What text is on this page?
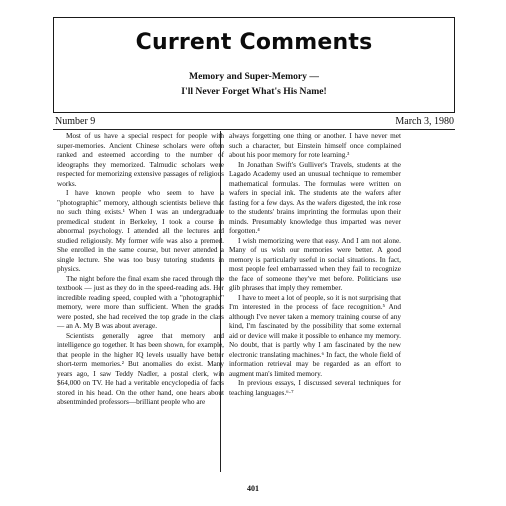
Current Comments
Memory and Super-Memory —
I'll Never Forget What's His Name!
Number 9	March 3, 1980

Most of us have a special respect for people with super-memories. Ancient Chinese scholars were often ranked and esteemed according to the number of ideographs they memorized. Talmudic scholars were respected for memorizing extensive passages of religious works.

I have known people who seem to have a "photographic" memory, although scientists believe that no such thing exists.¹ When I was an undergraduate premedical student in Berkeley, I took a course in abnormal psychology. I attended all the lectures and studied religiously. My former wife was also a premed. She enrolled in the same course, but never attended a single lecture. She was too busy tutoring students in physics.

The night before the final exam she raced through the textbook — just as they do in the speed-reading ads. Her incredible reading speed, coupled with a "photographic" memory, were more than sufficient. When the grades were posted, she had received the top grade in the class — an A. My B was about average.

Scientists generally agree that memory and intelligence go together. It has been shown, for example, that people in the higher IQ levels usually have better short-term memories.² But anomalies do exist. Many years ago, I saw Teddy Nadler, a postal clerk, win $64,000 on TV. He had a veritable encyclopedia of facts stored in his head. On the other hand, one hears about absentminded professors—brilliant people who are

always forgetting one thing or another. I have never met such a character, but Einstein himself once complained about his poor memory for rote learning.³

In Jonathan Swift's Gulliver's Travels, students at the Lagado Academy used an unusual technique to remember mathematical formulas. The formulas were written on wafers in special ink. The students ate the wafers after fasting for a few days. As the wafers digested, the ink rose to the students' brains imprinting the formulas upon their minds. Presumably knowledge thus imparted was never forgotten.⁴

I wish memorizing were that easy. And I am not alone. Many of us wish our memories were better. A good memory is particularly useful in social situations. In fact, most people feel embarrassed when they fail to recognize the face of someone they've met before. Politicians use glib phrases that imply they remember.

I have to meet a lot of people, so it is not surprising that I'm interested in the process of face recognition.⁵ And although I've never taken a memory training course of any kind, I'm fascinated by the possibility that some external aid or device will make it possible to enhance my memory. No doubt, that is partly why I am fascinated by the new electronic translating machines.⁶ In fact, the whole field of information retrieval may be regarded as an effort to augment man's limited memory.

In previous essays, I discussed several techniques for teaching languages.⁶·⁷

401
